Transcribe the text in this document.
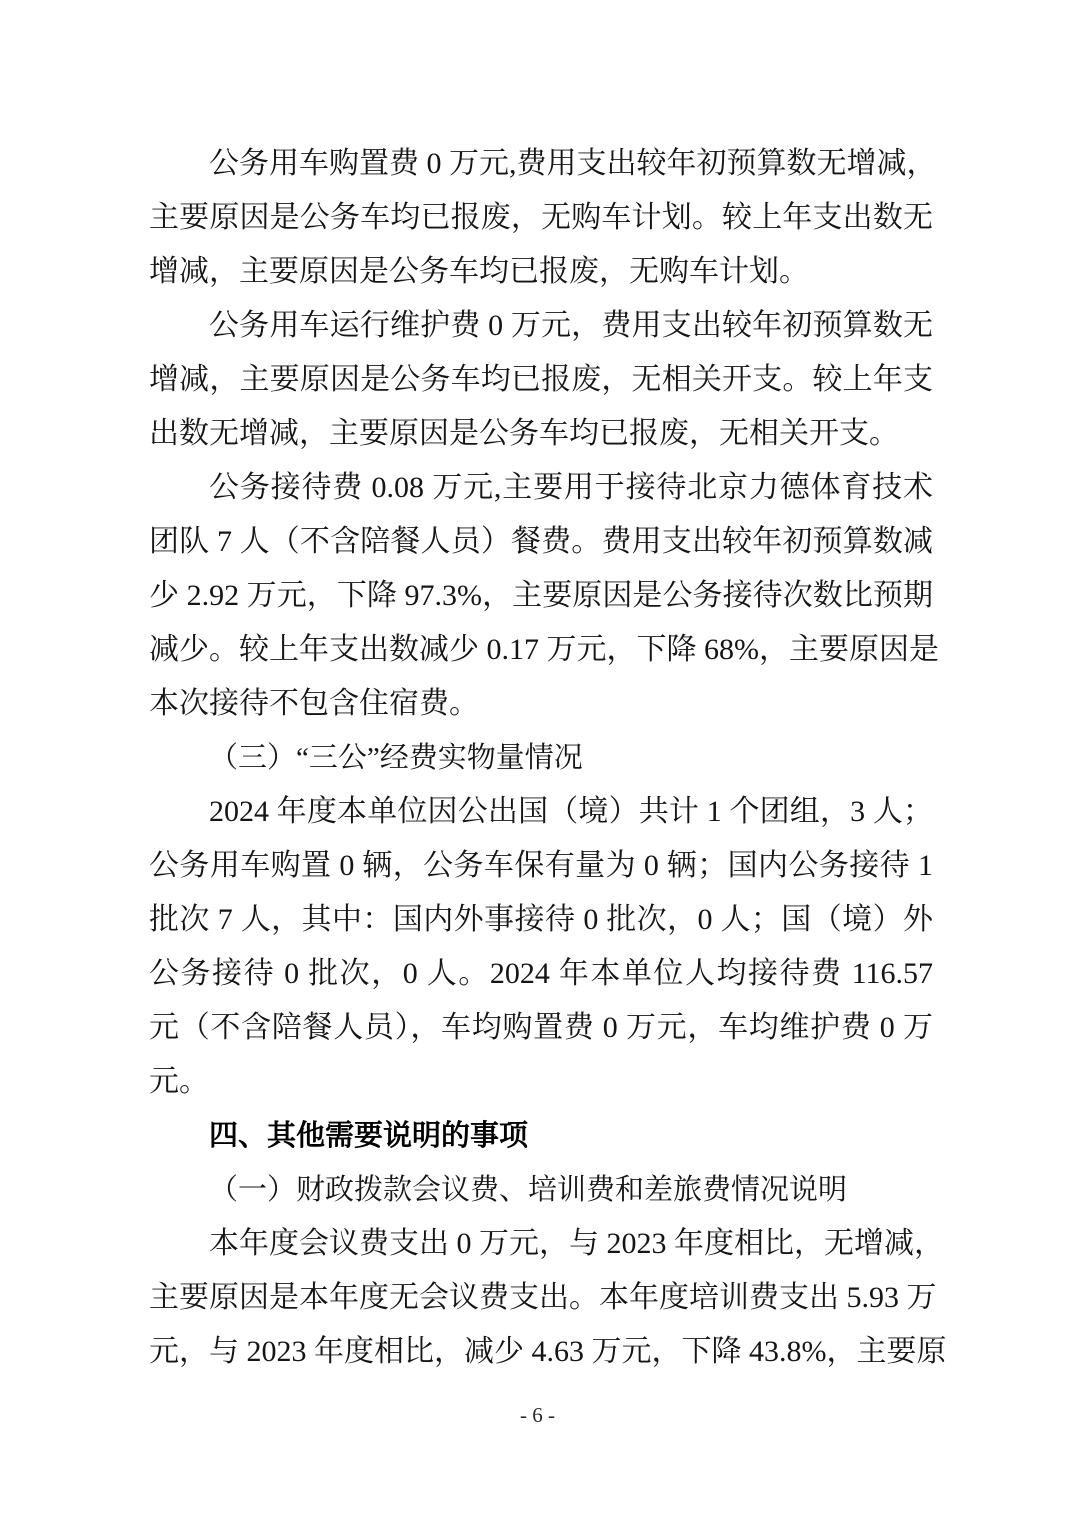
公务用车购置费 0 万元,费用支出较年初预算数无增减，
主要原因是公务车均已报废，无购车计划。较上年支出数无
增减，主要原因是公务车均已报废，无购车计划。
公务用车运行维护费 0 万元，费用支出较年初预算数无
增减，主要原因是公务车均已报废，无相关开支。较上年支
出数无增减，主要原因是公务车均已报废，无相关开支。
公务接待费 0.08 万元,主要用于接待北京力德体育技术
团队 7 人（不含陪餐人员）餐费。费用支出较年初预算数减
少 2.92 万元，下降 97.3%，主要原因是公务接待次数比预期
减少。较上年支出数减少 0.17 万元，下降 68%，主要原因是
本次接待不包含住宿费。
（三）“三公”经费实物量情况
2024 年度本单位因公出国（境）共计 1 个团组，3 人；
公务用车购置 0 辆，公务车保有量为 0 辆；国内公务接待 1
批次 7 人，其中：国内外事接待 0 批次，0 人；国（境）外
公务接待 0 批次，0 人。2024 年本单位人均接待费 116.57
元（不含陪餐人员），车均购置费 0 万元，车均维护费 0 万
元。
四、其他需要说明的事项
（一）财政拨款会议费、培训费和差旅费情况说明
本年度会议费支出 0 万元，与 2023 年度相比，无增减，
主要原因是本年度无会议费支出。本年度培训费支出 5.93 万
元，与 2023 年度相比，减少 4.63 万元，下降 43.8%，主要原
- 6 -
